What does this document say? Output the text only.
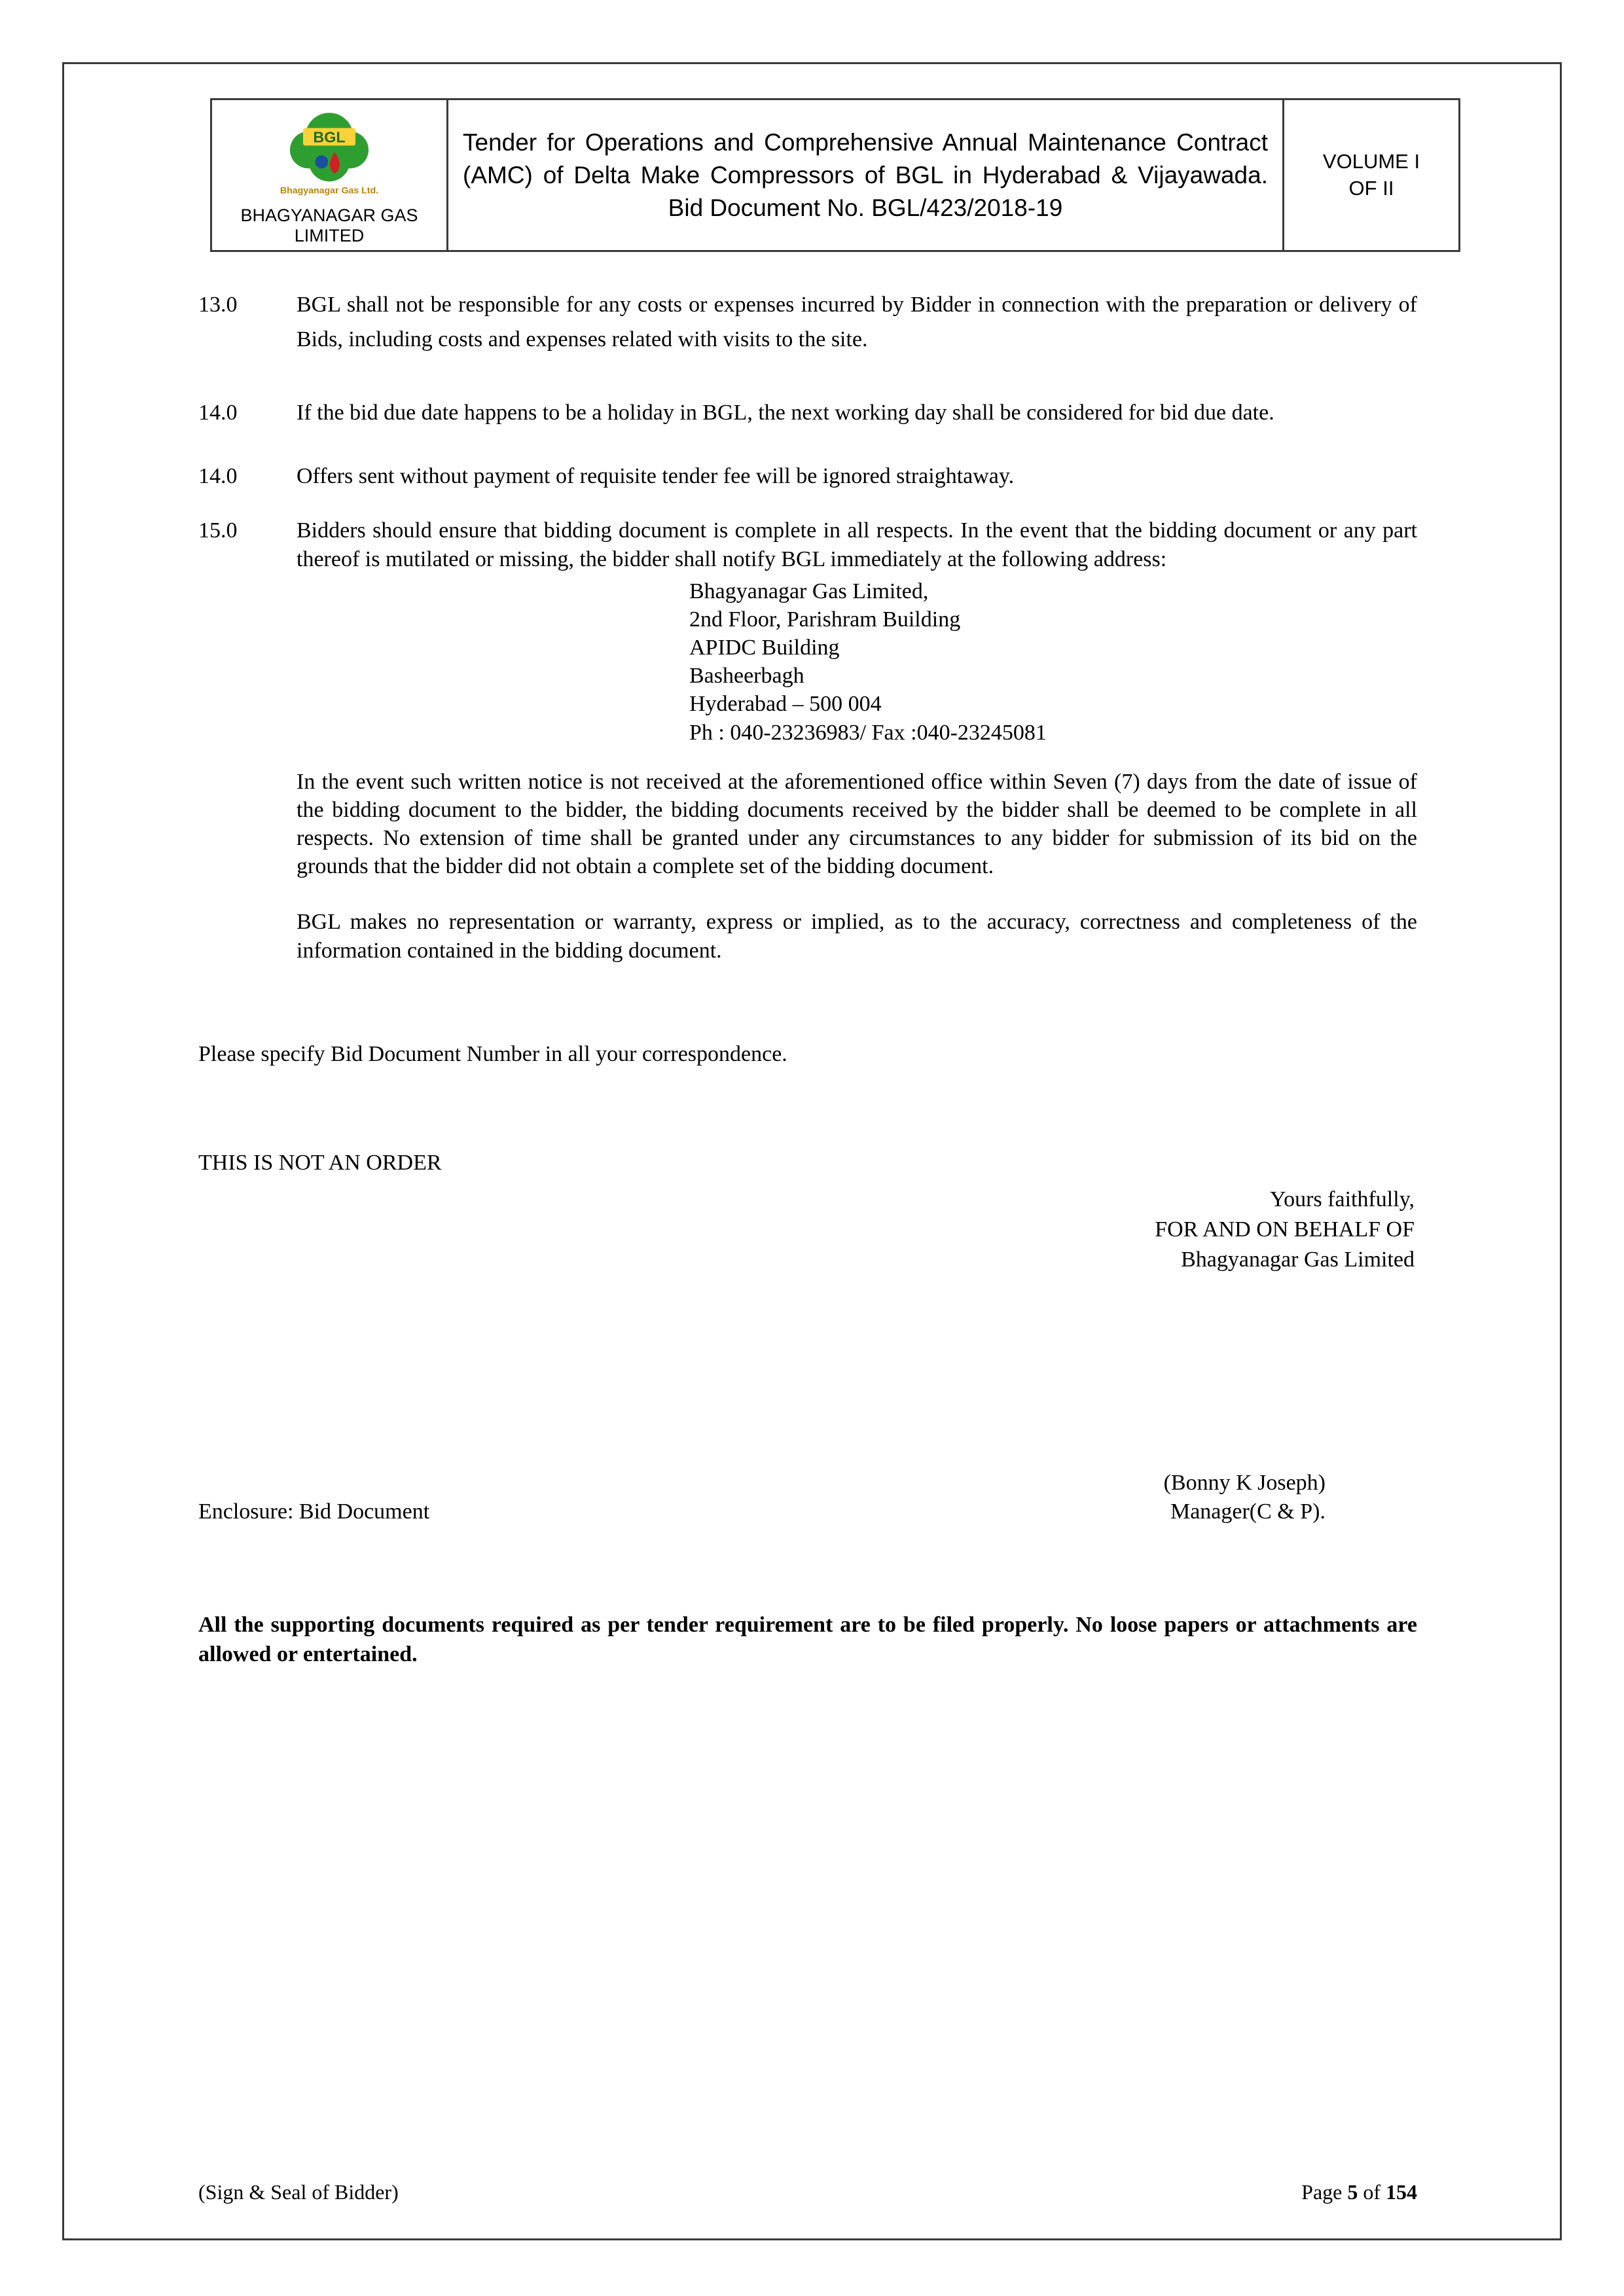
BGL
Bhagyanagar Gas Ltd.
BHAGYANAGAR GAS
LIMITED

Tender for Operations and Comprehensive Annual Maintenance Contract (AMC) of Delta Make Compressors of BGL in Hyderabad & Vijayawada.
Bid Document No. BGL/423/2018-19

VOLUME I
OF II
13.0	BGL shall not be responsible for any costs or expenses incurred by Bidder in connection with the preparation or delivery of Bids, including costs and expenses related with visits to the site.
14.0	If the bid due date happens to be a holiday in BGL, the next working day shall be considered for bid due date.
14.0	Offers sent without payment of requisite tender fee will be ignored straightaway.
15.0	Bidders should ensure that bidding document is complete in all respects. In the event that the bidding document or any part thereof is mutilated or missing, the bidder shall notify BGL immediately at the following address:
Bhagyanagar Gas Limited,
2nd Floor, Parishram Building
APIDC Building
Basheerbagh
Hyderabad – 500 004
Ph : 040-23236983/ Fax :040-23245081
In the event such written notice is not received at the aforementioned office within Seven (7) days from the date of issue of the bidding document to the bidder, the bidding documents received by the bidder shall be deemed to be complete in all respects. No extension of time shall be granted under any circumstances to any bidder for submission of its bid on the grounds that the bidder did not obtain a complete set of the bidding document.
BGL makes no representation or warranty, express or implied, as to the accuracy, correctness and completeness of the information contained in the bidding document.
Please specify Bid Document Number in all your correspondence.
THIS IS NOT AN ORDER
Yours faithfully,
FOR AND ON BEHALF OF
Bhagyanagar Gas Limited
(Bonny K Joseph)
Enclosure: Bid Document	Manager(C & P).
All the supporting documents required as per tender requirement are to be filed properly. No loose papers or attachments are allowed or entertained.
(Sign & Seal of Bidder)	Page 5 of 154
